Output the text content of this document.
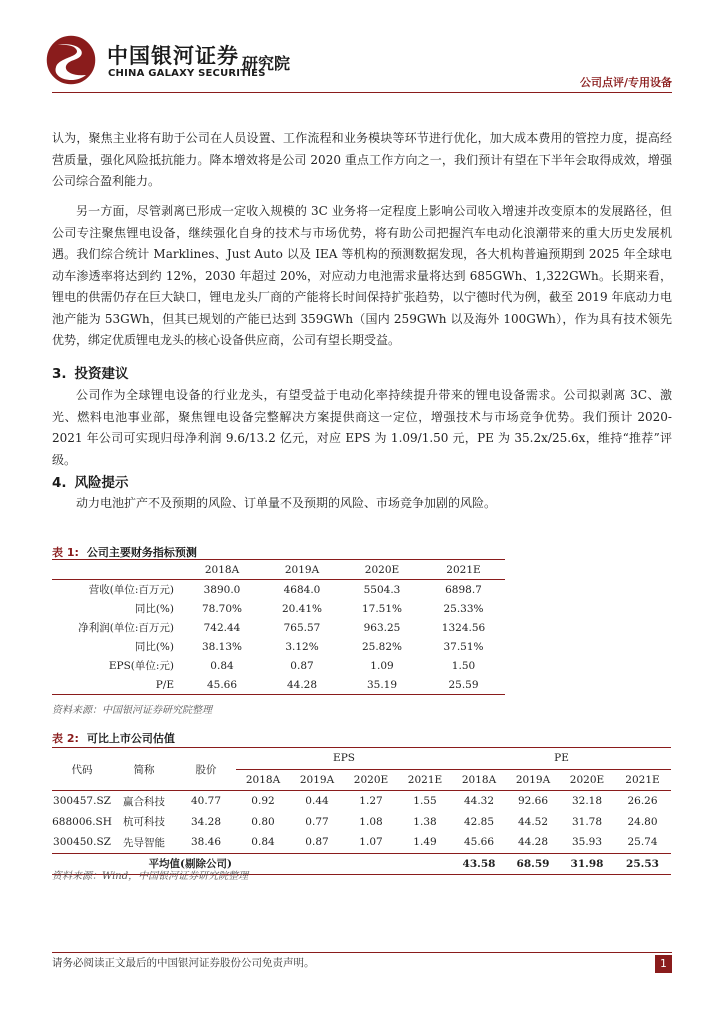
中国银河证券
CHINA GALAXY SECURITIES
研究院
公司点评/专用设备

认为，聚焦主业将有助于公司在人员设置、工作流程和业务模块等环节进行优化，加大成本费用的管控力度，提高经营质量，强化风险抵抗能力。降本增效将是公司 2020 重点工作方向之一，我们预计有望在下半年会取得成效，增强公司综合盈利能力。

另一方面，尽管剥离已形成一定收入规模的 3C 业务将一定程度上影响公司收入增速并改变原本的发展路径，但公司专注聚焦锂电设备，继续强化自身的技术与市场优势，将有助公司把握汽车电动化浪潮带来的重大历史发展机遇。我们综合统计 Marklines、Just Auto 以及 IEA 等机构的预测数据发现，各大机构普遍预期到 2025 年全球电动车渗透率将达到约 12%，2030 年超过 20%，对应动力电池需求量将达到 685GWh、1,322GWh。长期来看，锂电的供需仍存在巨大缺口，锂电龙头厂商的产能将长时间保持扩张趋势，以宁德时代为例，截至 2019 年底动力电池产能为 53GWh，但其已规划的产能已达到 359GWh（国内 259GWh 以及海外 100GWh），作为具有技术领先优势，绑定优质锂电龙头的核心设备供应商，公司有望长期受益。

3. 投资建议

公司作为全球锂电设备的行业龙头，有望受益于电动化率持续提升带来的锂电设备需求。公司拟剥离 3C、激光、燃料电池事业部，聚焦锂电设备完整解决方案提供商这一定位，增强技术与市场竞争优势。我们预计 2020-2021 年公司可实现归母净利润 9.6/13.2 亿元，对应 EPS 为 1.09/1.50 元，PE 为 35.2x/25.6x，维持“推荐”评级。

4. 风险提示

动力电池扩产不及预期的风险、订单量不及预期的风险、市场竞争加剧的风险。

表 1: 公司主要财务指标预测
	2018A	2019A	2020E	2021E
营收(单位:百万元)	3890.0	4684.0	5504.3	6898.7
同比(%)	78.70%	20.41%	17.51%	25.33%
净利润(单位:百万元)	742.44	765.57	963.25	1324.56
同比(%)	38.13%	3.12%	25.82%	37.51%
EPS(单位:元)	0.84	0.87	1.09	1.50
P/E	45.66	44.28	35.19	25.59
资料来源：中国银河证券研究院整理
表 2: 可比上市公司估值
代码	简称	股价	EPS				PE			
			2018A	2019A	2020E	2021E	2018A	2019A	2020E	2021E
300457.SZ	赢合科技	40.77	0.92	0.44	1.27	1.55	44.32	92.66	32.18	26.26
688006.SH	杭可科技	34.28	0.80	0.77	1.08	1.38	42.85	44.52	31.78	24.80
300450.SZ	先导智能	38.46	0.84	0.87	1.07	1.49	45.66	44.28	35.93	25.74
平均值(剔除公司)							43.58	68.59	31.98	25.53
资料来源：Wind，中国银河证券研究院整理
请务必阅读正文最后的中国银河证券股份公司免责声明。	1
